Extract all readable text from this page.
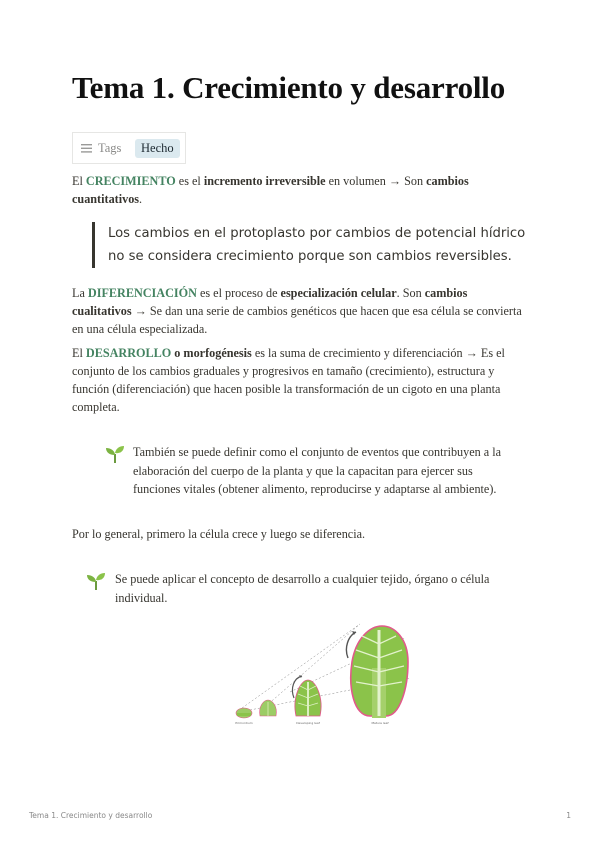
Tema 1. Crecimiento y desarrollo
Tags	Hecho

El CRECIMIENTO es el incremento irreversible en volumen → Son cambios cuantitativos.

Los cambios en el protoplasto por cambios de potencial hídrico no se considera crecimiento porque son cambios reversibles.

La DIFERENCIACIÓN es el proceso de especialización celular. Son cambios cualitativos → Se dan una serie de cambios genéticos que hacen que esa célula se convierta en una célula especializada.

El DESARROLLO o morfogénesis es la suma de crecimiento y diferenciación → Es el conjunto de los cambios graduales y progresivos en tamaño (crecimiento), estructura y función (diferenciación) que hacen posible la transformación de un cigoto en una planta completa.

También se puede definir como el conjunto de eventos que contribuyen a la elaboración del cuerpo de la planta y que la capacitan para ejercer sus funciones vitales (obtener alimento, reproducirse y adaptarse al ambiente).

Por lo general, primero la célula crece y luego se diferencia.

Se puede aplicar el concepto de desarrollo a cualquier tejido, órgano o célula individual.
Primordium	Developing leaf	Mature leaf
Tema 1. Crecimiento y desarrollo	1
